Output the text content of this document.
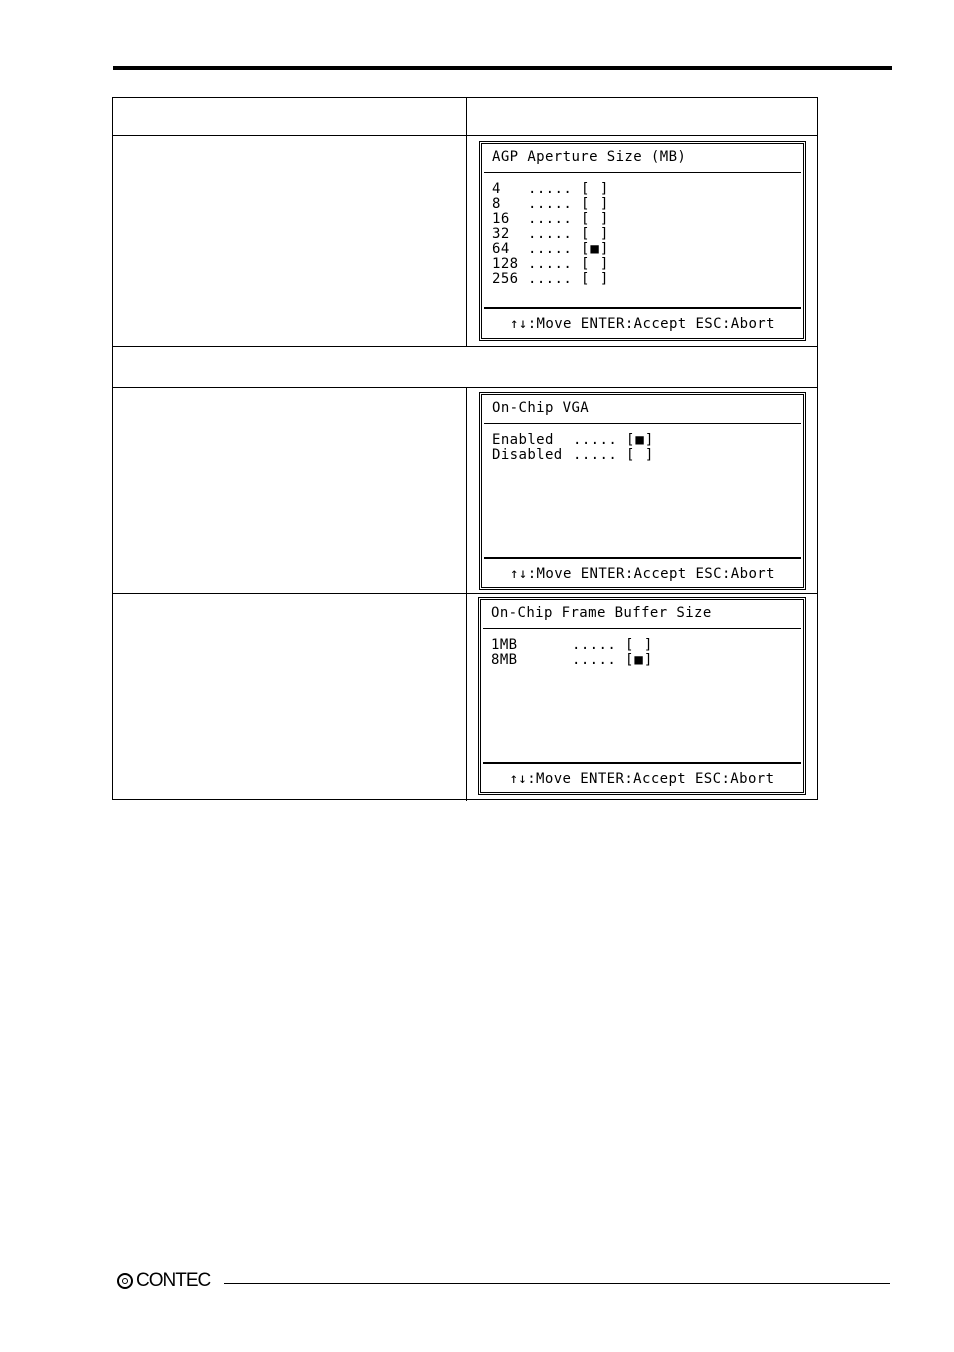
AGP Aperture Size (MB)
4 ..... [ ]
8 ..... [ ]
16 ..... [ ]
32 ..... [ ]
64 ..... [■]
128 ..... [ ]
256 ..... [ ]
↑↓:Move ENTER:Accept ESC:Abort
On-Chip VGA
Enabled ..... [■]
Disabled ..... [ ]
↑↓:Move ENTER:Accept ESC:Abort
On-Chip Frame Buffer Size
1MB	..... [ ]
8MB	..... [■]
↑↓:Move ENTER:Accept ESC:Abort
CONTEC
